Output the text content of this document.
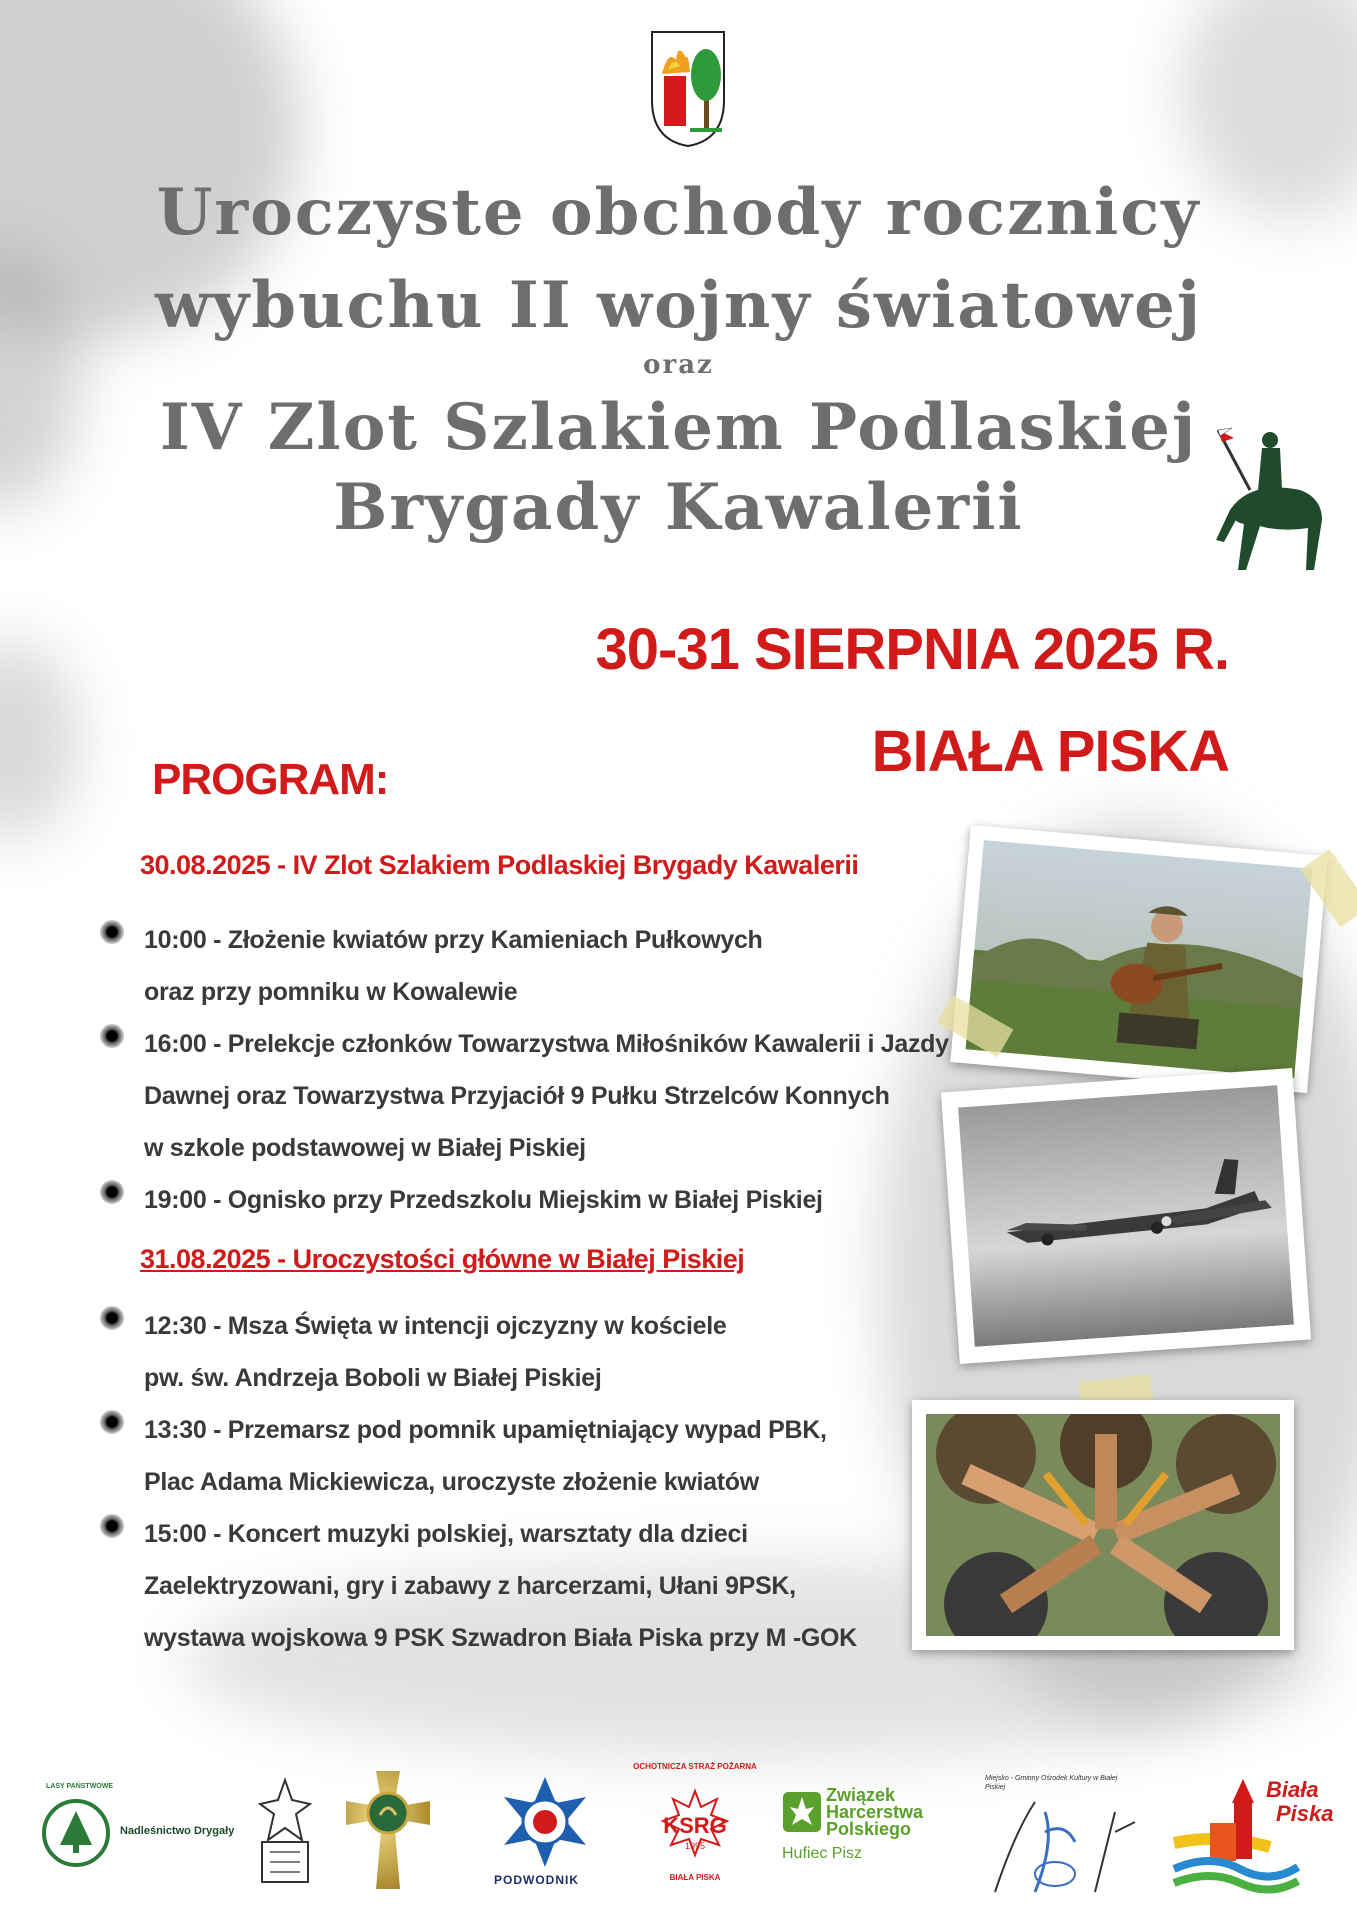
Uroczyste obchody rocznicy
wybuchu II wojny światowej
oraz
IV Zlot Szlakiem Podlaskiej
Brygady Kawalerii
30-31 SIERPNIA 2025 R.
BIAŁA PISKA
PROGRAM:
30.08.2025 - IV Zlot Szlakiem Podlaskiej Brygady Kawalerii
10:00 - Złożenie kwiatów przy Kamieniach Pułkowych
oraz przy pomniku w Kowalewie
16:00 - Prelekcje członków Towarzystwa Miłośników Kawalerii i Jazdy
Dawnej oraz Towarzystwa Przyjaciół 9 Pułku Strzelców Konnych
w szkole podstawowej w Białej Piskiej
19:00 - Ognisko przy Przedszkolu Miejskim w Białej Piskiej
31.08.2025 - Uroczystości główne w Białej Piskiej
12:30 - Msza Święta w intencji ojczyzny w kościele
pw. św. Andrzeja Boboli w Białej Piskiej
13:30 - Przemarsz pod pomnik upamiętniający wypad PBK,
Plac Adama Mickiewicza, uroczyste złożenie kwiatów
15:00 - Koncert muzyki polskiej, warsztaty dla dzieci
Zaelektryzowani, gry i zabawy z harcerzami, Ułani 9PSK,
wystawa wojskowa 9 PSK Szwadron Biała Piska przy M -GOK
LASY PAŃSTWOWE
Nadleśnictwo Drygały
PODWODNIK
OCHOTNICZA STRAŻ POŻARNA
KSRG
1995
BIAŁA PISKA
Związek
Harcerstwa
Polskiego
Hufiec Pisz
Miejsko - Gminny Ośrodek Kultury w Białej Piskiej	Biała
Piska
